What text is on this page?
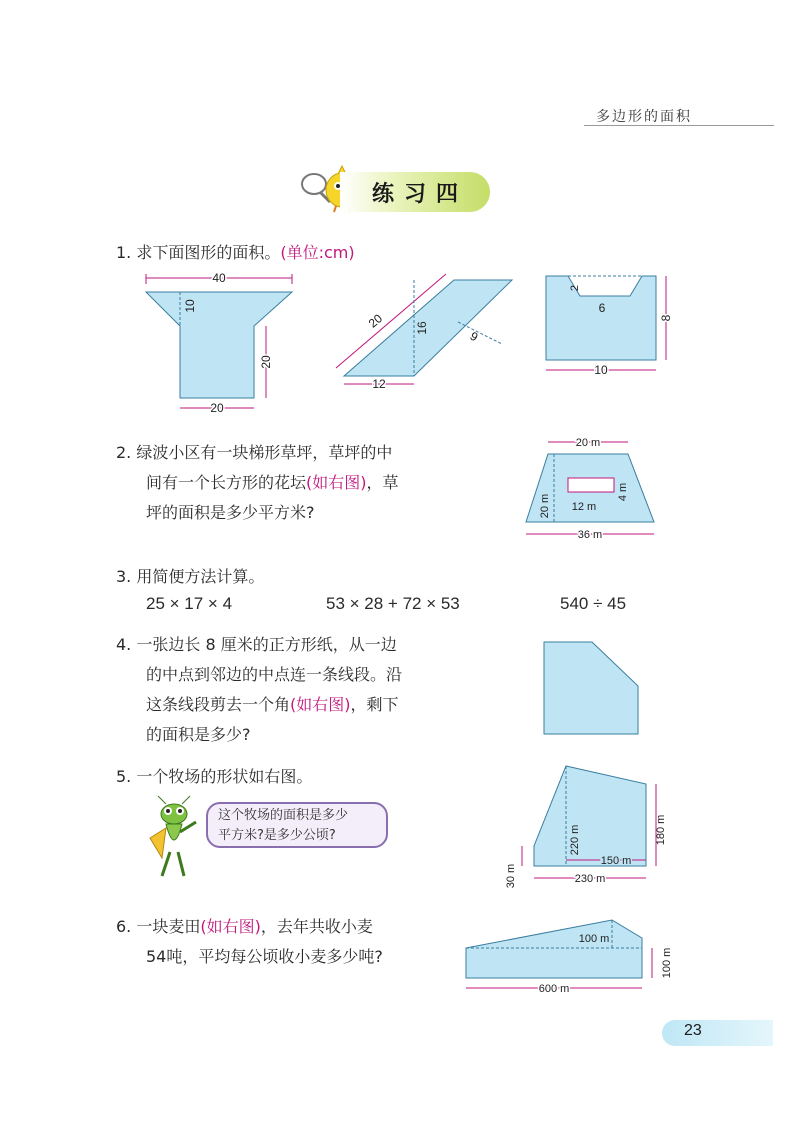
多边形的面积
练习四
1. 求下面图形的面积。(单位:cm)
40
10
20
20
20 16
9
12
2
6
8
10
2. 绿波小区有一块梯形草坪，草坪的中
间有一个长方形的花坛(如右图)，草
坪的面积是多少平方米?
20 m
20 m 12 m
4 m
36 m
3. 用简便方法计算。
25 × 17 × 4	53 × 28 + 72 × 53	540 ÷ 45
4. 一张边长 8 厘米的正方形纸，从一边
的中点到邻边的中点连一条线段。沿
这条线段剪去一个角(如右图)，剩下
的面积是多少?
5. 一个牧场的形状如右图。
这个牧场的面积是多少
平方米?是多少公顷?	220 m
30 m
180 m
150 m
230 m
6. 一块麦田(如右图)，去年共收小麦
54吨，平均每公顷收小麦多少吨?
100 m
100 m
600 m
23
